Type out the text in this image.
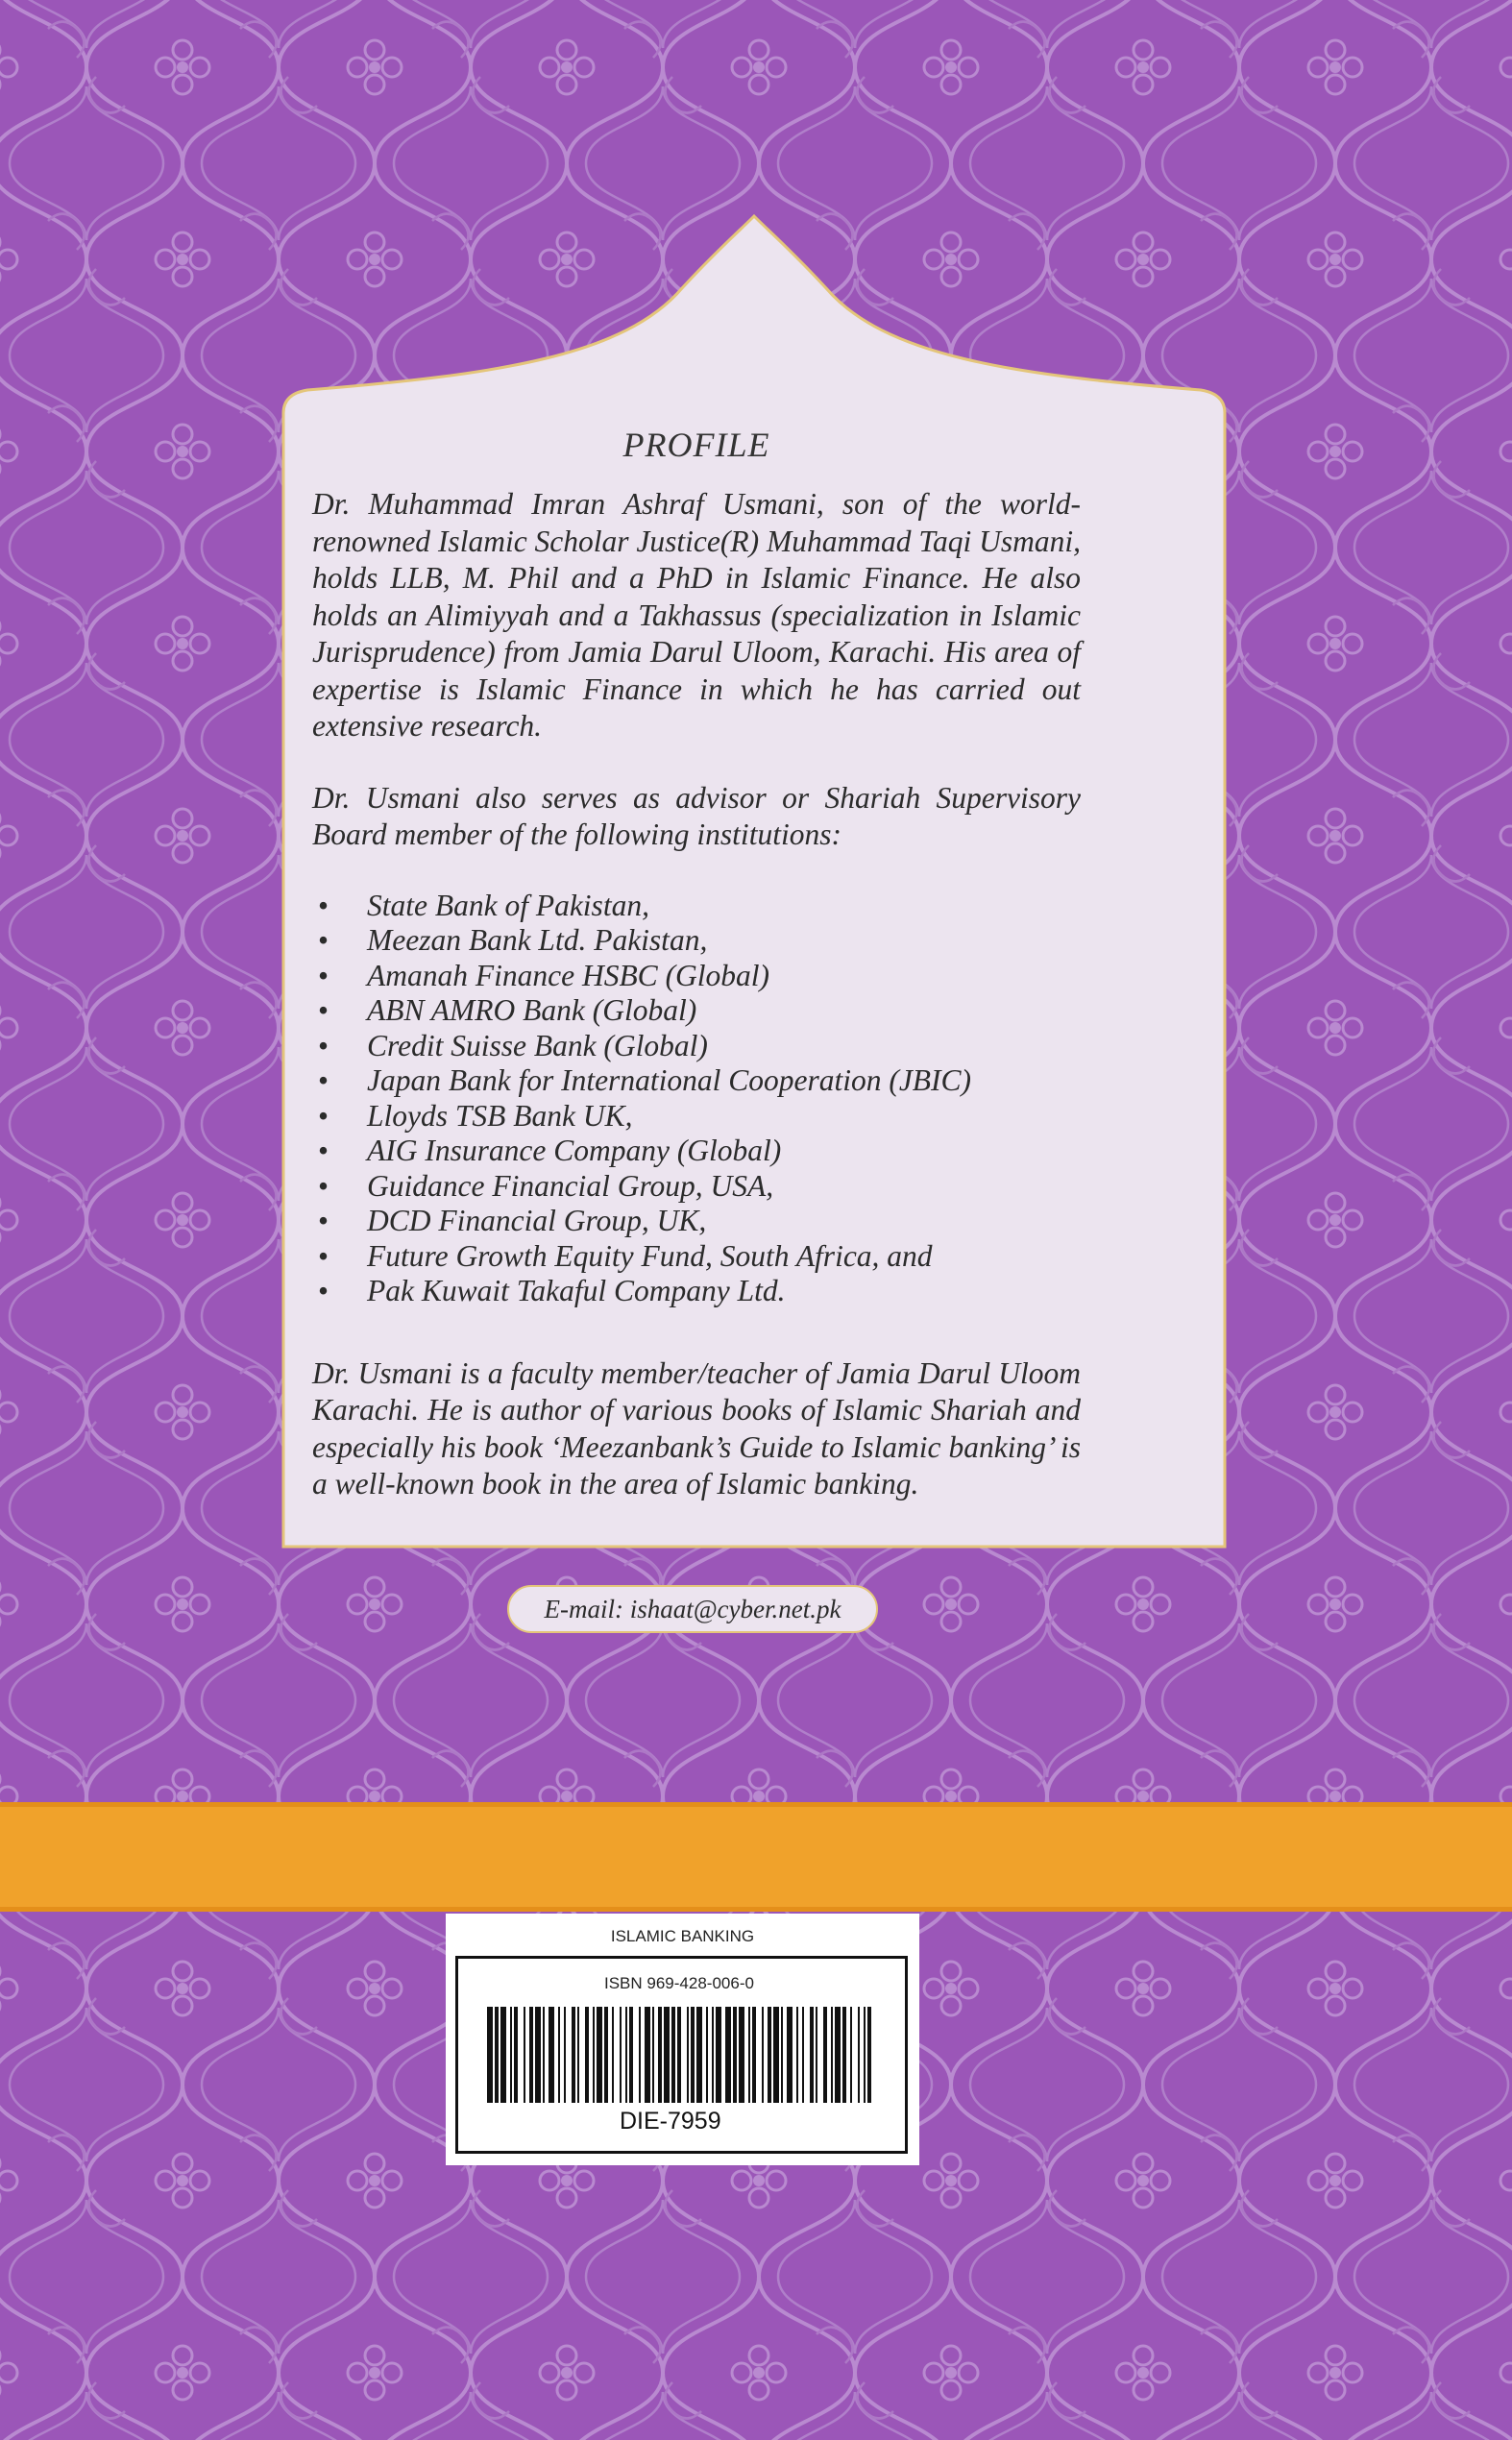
PROFILE

Dr. Muhammad Imran Ashraf Usmani, son of the world-renowned Islamic Scholar Justice(R) Muhammad Taqi Usmani, holds LLB, M. Phil and a PhD in Islamic Finance. He also holds an Alimiyyah and a Takhassus (specialization in Islamic Jurisprudence) from Jamia Darul Uloom, Karachi. His area of expertise is Islamic Finance in which he has carried out extensive research.

Dr. Usmani also serves as advisor or Shariah Supervisory Board member of the following institutions:

• State Bank of Pakistan,
• Meezan Bank Ltd. Pakistan,
• Amanah Finance HSBC (Global)
• ABN AMRO Bank (Global)
• Credit Suisse Bank (Global)
• Japan Bank for International Cooperation (JBIC)
• Lloyds TSB Bank UK,
• AIG Insurance Company (Global)
• Guidance Financial Group, USA,
• DCD Financial Group, UK,
• Future Growth Equity Fund, South Africa, and
• Pak Kuwait Takaful Company Ltd.

Dr. Usmani is a faculty member/teacher of Jamia Darul Uloom Karachi. He is author of various books of Islamic Shariah and especially his book ‘Meezanbank’s Guide to Islamic banking’ is a well-known book in the area of Islamic banking.

E-mail: ishaat@cyber.net.pk
ISLAMIC BANKING
ISBN 969-428-006-0
DIE-7959
